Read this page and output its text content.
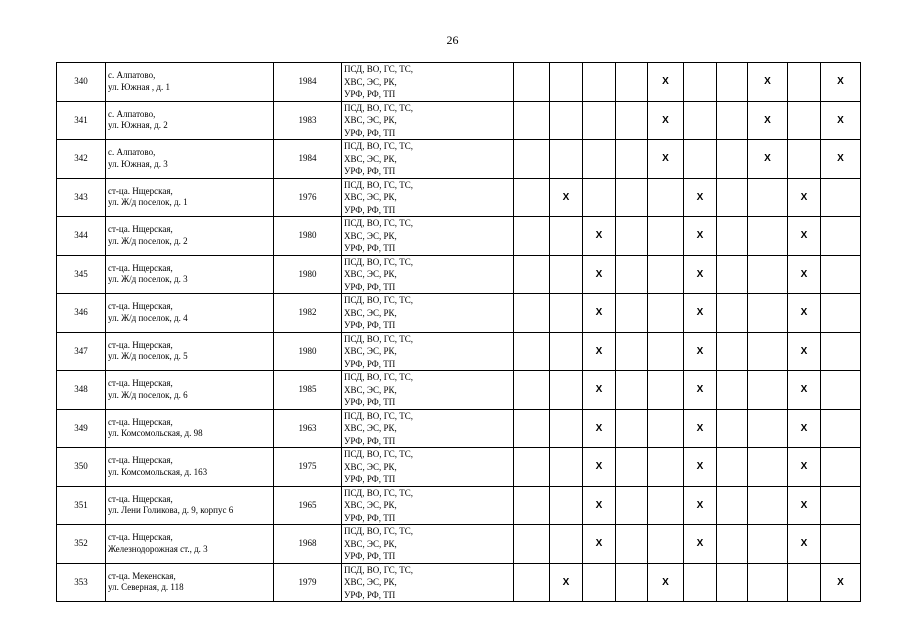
26
340	с. Алпатово,
ул. Южная , д. 1	1984	ПСД, ВО, ГС, ТС,
ХВС, ЭС, РК,
УРФ, РФ, ТП					Х			Х		Х
341	с. Алпатово,
ул. Южная, д. 2	1983	ПСД, ВО, ГС, ТС,
ХВС, ЭС, РК,
УРФ, РФ, ТП					Х			Х		Х
342	с. Алпатово,
ул. Южная, д. 3	1984	ПСД, ВО, ГС, ТС,
ХВС, ЭС, РК,
УРФ, РФ, ТП					Х			Х		Х
343	ст-ца. Нщерская,
ул. Ж/д поселок, д. 1	1976	ПСД, ВО, ГС, ТС,
ХВС, ЭС, РК,
УРФ, РФ, ТП		Х				Х			Х	
344	ст-ца. Нщерская,
ул. Ж/д поселок, д. 2	1980	ПСД, ВО, ГС, ТС,
ХВС, ЭС, РК,
УРФ, РФ, ТП			Х			Х			Х	
345	ст-ца. Нщерская,
ул. Ж/д поселок, д. 3	1980	ПСД, ВО, ГС, ТС,
ХВС, ЭС, РК,
УРФ, РФ, ТП			Х			Х			Х	
346	ст-ца. Нщерская,
ул. Ж/д поселок, д. 4	1982	ПСД, ВО, ГС, ТС,
ХВС, ЭС, РК,
УРФ, РФ, ТП			Х			Х			Х	
347	ст-ца. Нщерская,
ул. Ж/д поселок, д. 5	1980	ПСД, ВО, ГС, ТС,
ХВС, ЭС, РК,
УРФ, РФ, ТП			Х			Х			Х	
348	ст-ца. Нщерская,
ул. Ж/д поселок, д. 6	1985	ПСД, ВО, ГС, ТС,
ХВС, ЭС, РК,
УРФ, РФ, ТП			Х			Х			Х	
349	ст-ца. Нщерская,
ул. Комсомольская, д. 98	1963	ПСД, ВО, ГС, ТС,
ХВС, ЭС, РК,
УРФ, РФ, ТП			Х			Х			Х	
350	ст-ца. Нщерская,
ул. Комсомольская, д. 163	1975	ПСД, ВО, ГС, ТС,
ХВС, ЭС, РК,
УРФ, РФ, ТП			Х			Х			Х	
351	ст-ца. Нщерская,
ул. Лени Голикова, д. 9, корпус 6	1965	ПСД, ВО, ГС, ТС,
ХВС, ЭС, РК,
УРФ, РФ, ТП			Х			Х			Х	
352	ст-ца. Нщерская,
Железнодорожная ст., д. 3	1968	ПСД, ВО, ГС, ТС,
ХВС, ЭС, РК,
УРФ, РФ, ТП			Х			Х			Х	
353	ст-ца. Мекенская,
ул. Северная, д. 118	1979	ПСД, ВО, ГС, ТС,
ХВС, ЭС, РК,
УРФ, РФ, ТП		Х			Х					Х
